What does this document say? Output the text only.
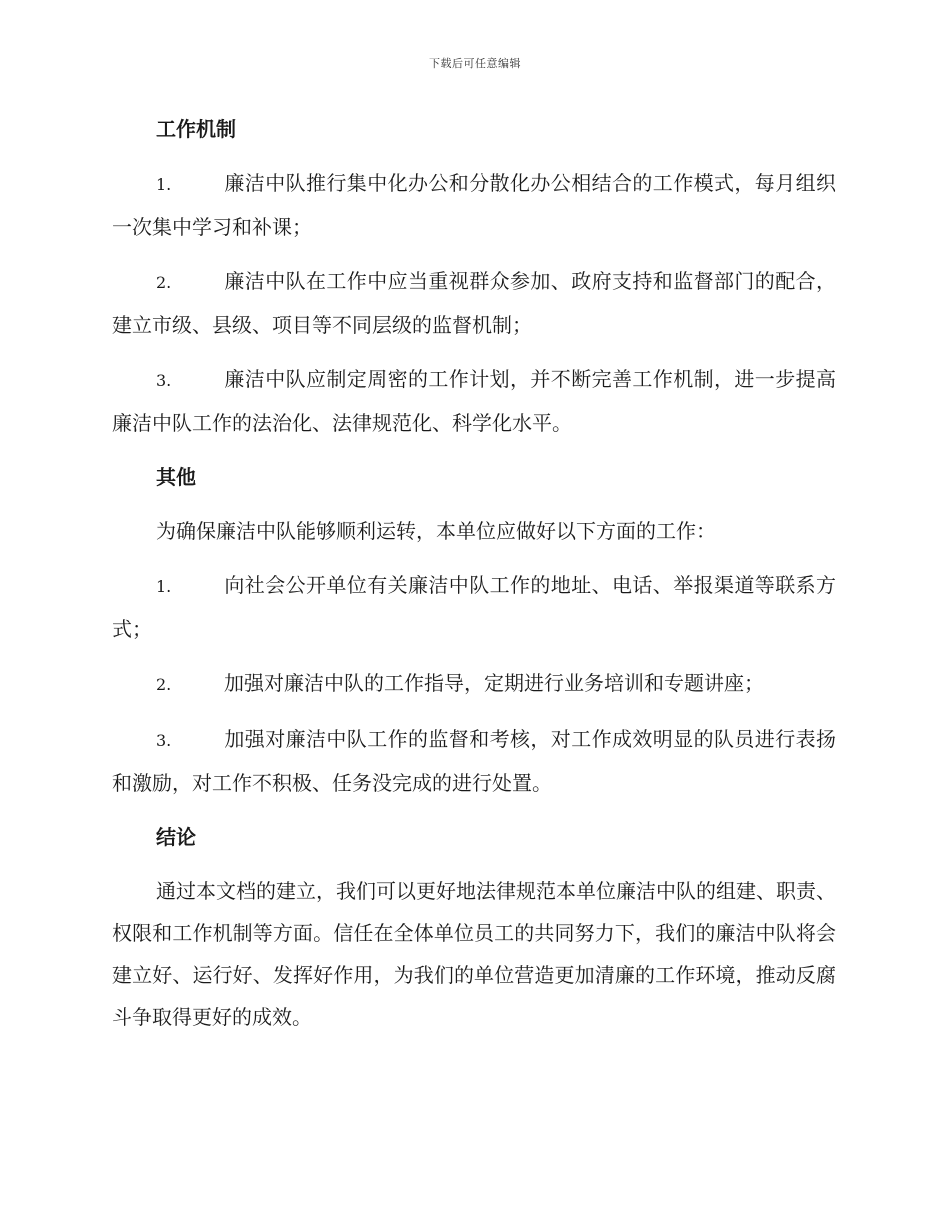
下载后可任意编辑
工作机制

1.	廉洁中队推行集中化办公和分散化办公相结合的工作模式，每月组织一次集中学习和补课；

2.	廉洁中队在工作中应当重视群众参加、政府支持和监督部门的配合，建立市级、县级、项目等不同层级的监督机制；

3.	廉洁中队应制定周密的工作计划，并不断完善工作机制，进一步提高廉洁中队工作的法治化、法律规范化、科学化水平。

其他

为确保廉洁中队能够顺利运转，本单位应做好以下方面的工作：

1.	向社会公开单位有关廉洁中队工作的地址、电话、举报渠道等联系方式；

2.	加强对廉洁中队的工作指导，定期进行业务培训和专题讲座；

3.	加强对廉洁中队工作的监督和考核，对工作成效明显的队员进行表扬和激励，对工作不积极、任务没完成的进行处置。

结论

通过本文档的建立，我们可以更好地法律规范本单位廉洁中队的组建、职责、权限和工作机制等方面。信任在全体单位员工的共同努力下，我们的廉洁中队将会建立好、运行好、发挥好作用，为我们的单位营造更加清廉的工作环境，推动反腐斗争取得更好的成效。
